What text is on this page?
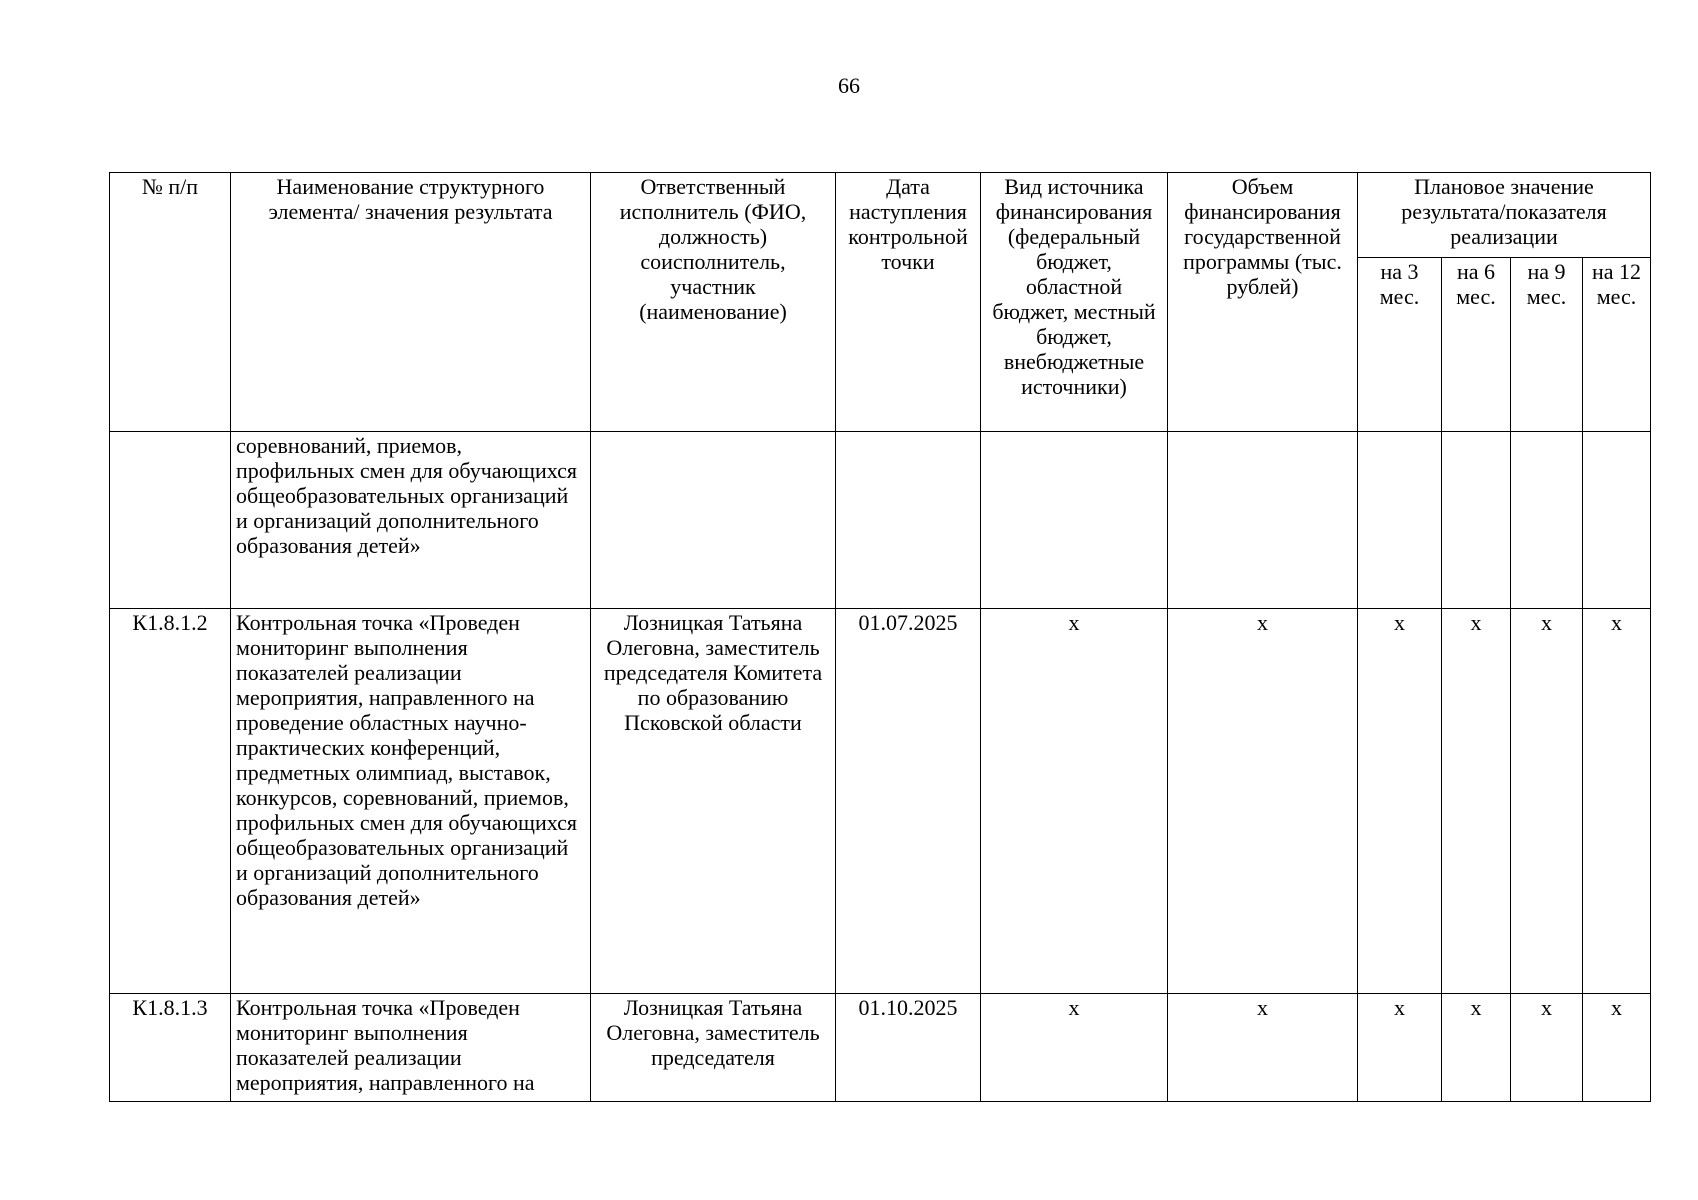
66
№ п/п	Наименование структурного элемента/ значения результата	Ответственный исполнитель (ФИО, должность) соисполнитель, участник (наименование)	Дата наступления контрольной точки	Вид источника финансирования (федеральный бюджет, областной бюджет, местный бюджет, внебюджетные источники)	Объем финансирования государственной программы (тыс. рублей)	Плановое значение результата/показателя реализации			
						на 3 мес.	на 6 мес.	на 9 мес.	на 12 мес.
	соревнований, приемов, профильных смен для обучающихся общеобразовательных организаций и организаций дополнительного образования детей»								
К1.8.1.2	Контрольная точка «Проведен мониторинг выполнения показателей реализации мероприятия, направленного на проведение областных научно-практических конференций, предметных олимпиад, выставок, конкурсов, соревнований, приемов, профильных смен для обучающихся общеобразовательных организаций и организаций дополнительного образования детей»	Лозницкая Татьяна Олеговна, заместитель председателя Комитета по образованию Псковской области	01.07.2025	x	x	x	x	x	x
К1.8.1.3	Контрольная точка «Проведен мониторинг выполнения показателей реализации мероприятия, направленного на	Лозницкая Татьяна Олеговна, заместитель председателя	01.10.2025	x	x	x	x	x	x
